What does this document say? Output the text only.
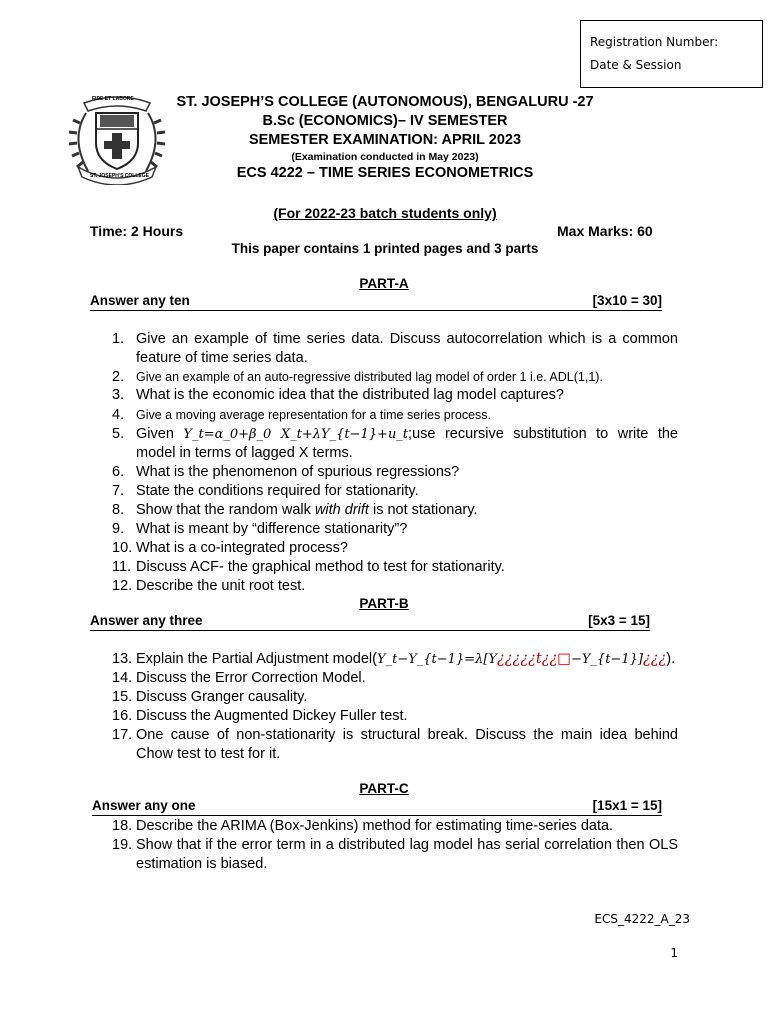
Registration Number:
Date & Session
FIDE ET LABORE
ST. JOSEPH'S COLLEGE
ST. JOSEPH’S COLLEGE (AUTONOMOUS), BENGALURU -27
B.Sc (ECONOMICS)– IV SEMESTER
SEMESTER EXAMINATION: APRIL 2023
(Examination conducted in May 2023)
ECS 4222 – TIME SERIES ECONOMETRICS
(For 2022-23 batch students only)
Time: 2 Hours	Max Marks: 60
This paper contains 1 printed pages and 3 parts
PART-A
Answer any ten	[3x10 = 30]
1. Give an example of time series data. Discuss autocorrelation which is a common feature of time series data.
2. Give an example of an auto-regressive distributed lag model of order 1 i.e. ADL(1,1).
3. What is the economic idea that the distributed lag model captures?
4. Give a moving average representation for a time series process.
5. Given Y_t=α_0+β_0 X_t+λY_{t−1}+u_t;use recursive substitution to write the model in terms of lagged X terms.
6. What is the phenomenon of spurious regressions?
7. State the conditions required for stationarity.
8. Show that the random walk with drift is not stationary.
9. What is meant by “difference stationarity”?
10. What is a co-integrated process?
11. Discuss ACF- the graphical method to test for stationarity.
12. Describe the unit root test.
PART-B
Answer any three	[5x3 = 15]
13. Explain the Partial Adjustment model(Y_t−Y_{t−1}=λ[Y¿¿¿¿¿t¿¿□−Y_{t−1}]¿¿¿).
14. Discuss the Error Correction Model.
15. Discuss Granger causality.
16. Discuss the Augmented Dickey Fuller test.
17. One cause of non-stationarity is structural break. Discuss the main idea behind Chow test to test for it.
PART-C
Answer any one	[15x1 = 15]
18. Describe the ARIMA (Box-Jenkins) method for estimating time-series data.
19. Show that if the error term in a distributed lag model has serial correlation then OLS estimation is biased.
ECS_4222_A_23
1
